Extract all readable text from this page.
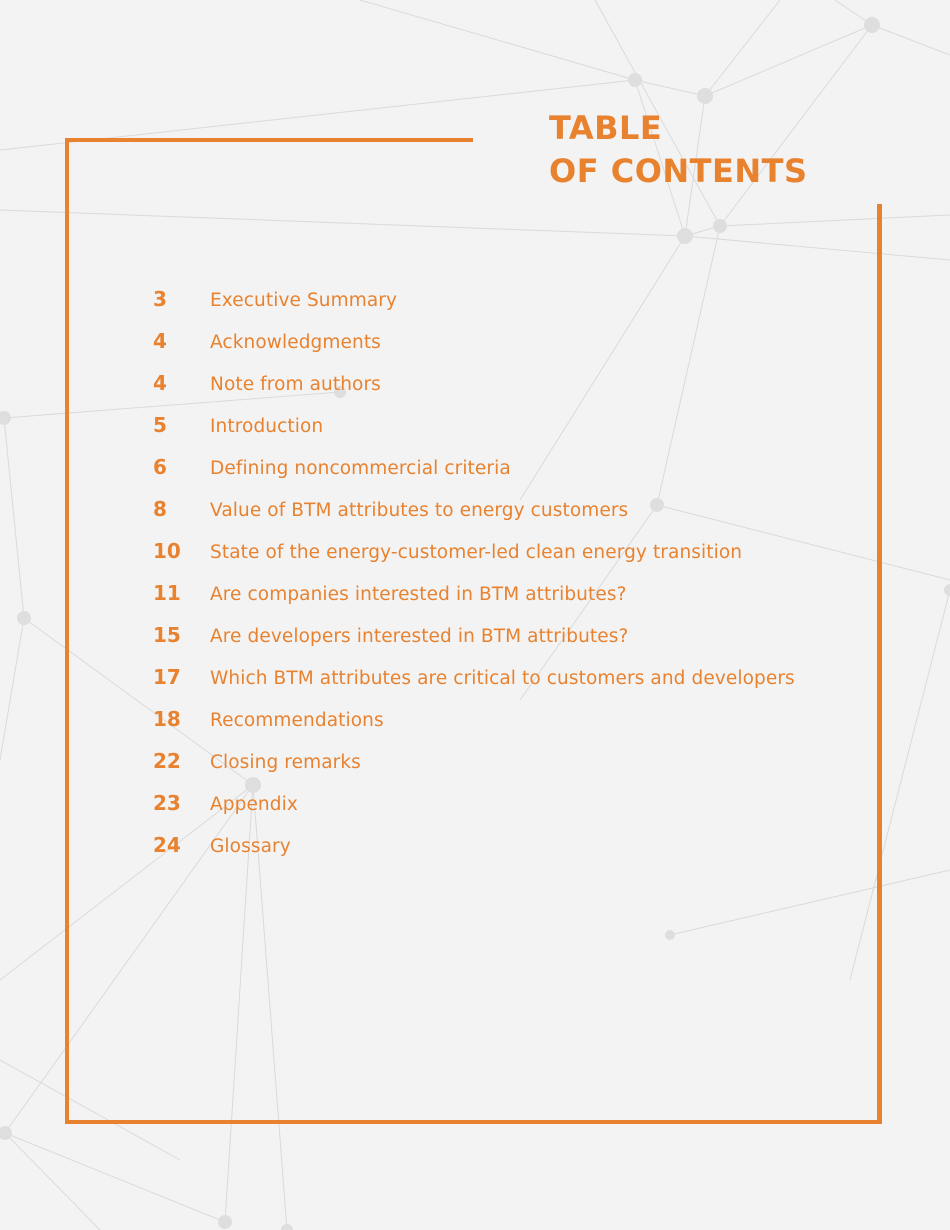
TABLE
OF CONTENTS
3	Executive Summary
4	Acknowledgments
4	Note from authors
5	Introduction
6	Defining noncommercial criteria
8	Value of BTM attributes to energy customers
10	State of the energy-customer-led clean energy transition
11	Are companies interested in BTM attributes?
15	Are developers interested in BTM attributes?
17	Which BTM attributes are critical to customers and developers
18	Recommendations
22	Closing remarks
23	Appendix
24	Glossary
